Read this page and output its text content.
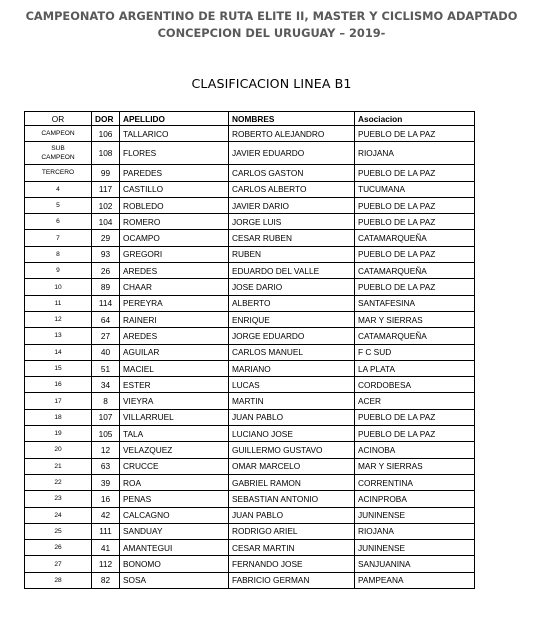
CAMPEONATO ARGENTINO DE RUTA ELITE II, MASTER Y CICLISMO ADAPTADO
CONCEPCION DEL URUGUAY – 2019-
CLASIFICACION LINEA B1
OR	DOR	APELLIDO	NOMBRES	Asociacion
CAMPEON	106	TALLARICO	ROBERTO ALEJANDRO	PUEBLO DE LA PAZ

SUB
CAMPEON	108	FLORES	JAVIER EDUARDO	RIOJANA
TERCERO	99	PAREDES	CARLOS GASTON	PUEBLO DE LA PAZ
4	117	CASTILLO	CARLOS ALBERTO	TUCUMANA
5	102	ROBLEDO	JAVIER DARIO	PUEBLO DE LA PAZ
6	104	ROMERO	JORGE LUIS	PUEBLO DE LA PAZ
7	29	OCAMPO	CESAR RUBEN	CATAMARQUEÑA
8	93	GREGORI	RUBEN	PUEBLO DE LA PAZ
9	26	AREDES	EDUARDO DEL VALLE	CATAMARQUEÑA
10	89	CHAAR	JOSE DARIO	PUEBLO DE LA PAZ
11	114	PEREYRA	ALBERTO	SANTAFESINA
12	64	RAINERI	ENRIQUE	MAR Y SIERRAS
13	27	AREDES	JORGE EDUARDO	CATAMARQUEÑA
14	40	AGUILAR	CARLOS MANUEL	F C SUD
15	51	MACIEL	MARIANO	LA PLATA
16	34	ESTER	LUCAS	CORDOBESA
17	8	VIEYRA	MARTIN	ACER
18	107	VILLARRUEL	JUAN PABLO	PUEBLO DE LA PAZ
19	105	TALA	LUCIANO JOSE	PUEBLO DE LA PAZ
20	12	VELAZQUEZ	GUILLERMO GUSTAVO	ACINOBA
21	63	CRUCCE	OMAR MARCELO	MAR Y SIERRAS
22	39	ROA	GABRIEL RAMON	CORRENTINA
23	16	PENAS	SEBASTIAN ANTONIO	ACINPROBA
24	42	CALCAGNO	JUAN PABLO	JUNINENSE
25	111	SANDUAY	RODRIGO ARIEL	RIOJANA
26	41	AMANTEGUI	CESAR MARTIN	JUNINENSE
27	112	BONOMO	FERNANDO JOSE	SANJUANINA
28	82	SOSA	FABRICIO GERMAN	PAMPEANA
